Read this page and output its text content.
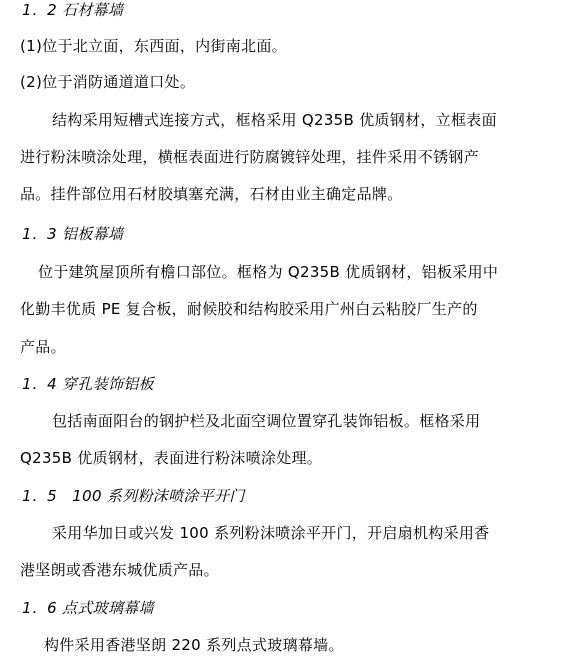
1．2 石材幕墙
(1)位于北立面，东西面，内街南北面。
(2)位于消防通道道口处。
结构采用短槽式连接方式，框格采用 Q235B 优质钢材，立框表面
进行粉沫喷涂处理，横框表面进行防腐镀锌处理，挂件采用不锈钢产
品。挂件部位用石材胶填塞充满，石材由业主确定品牌。
1．3 铝板幕墙
位于建筑屋顶所有檐口部位。框格为 Q235B 优质钢材，铝板采用中
化勤丰优质 PE 复合板，耐候胶和结构胶采用广州白云粘胶厂生产的
产品。
1．4 穿孔装饰铝板
包括南面阳台的钢护栏及北面空调位置穿孔装饰铝板。框格采用
Q235B 优质钢材，表面进行粉沫喷涂处理。
1．5　100 系列粉沫喷涂平开门
采用华加日或兴发 100 系列粉沫喷涂平开门，开启扇机构采用香
港坚朗或香港东城优质产品。
1．6 点式玻璃幕墙
构件采用香港坚朗 220 系列点式玻璃幕墙。
